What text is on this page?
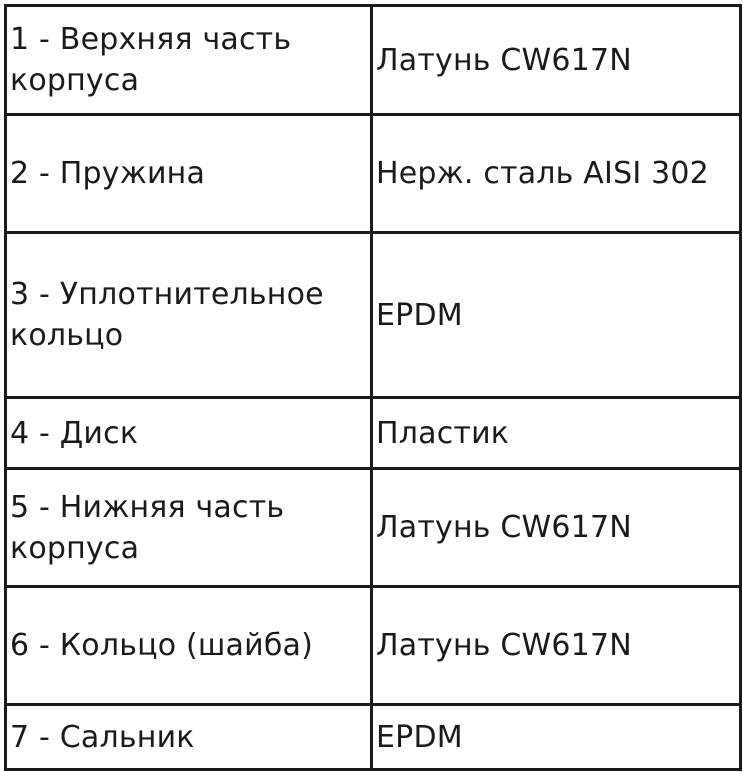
1 - Верхняя часть корпуса	Латунь CW617N
2 - Пружина	Нерж. сталь AISI 302
3 - Уплотнительное кольцо	EPDM
4 - Диск	Пластик
5 - Нижняя часть корпуса	Латунь CW617N
6 - Кольцо (шайба)	Латунь CW617N
7 - Сальник	EPDM
